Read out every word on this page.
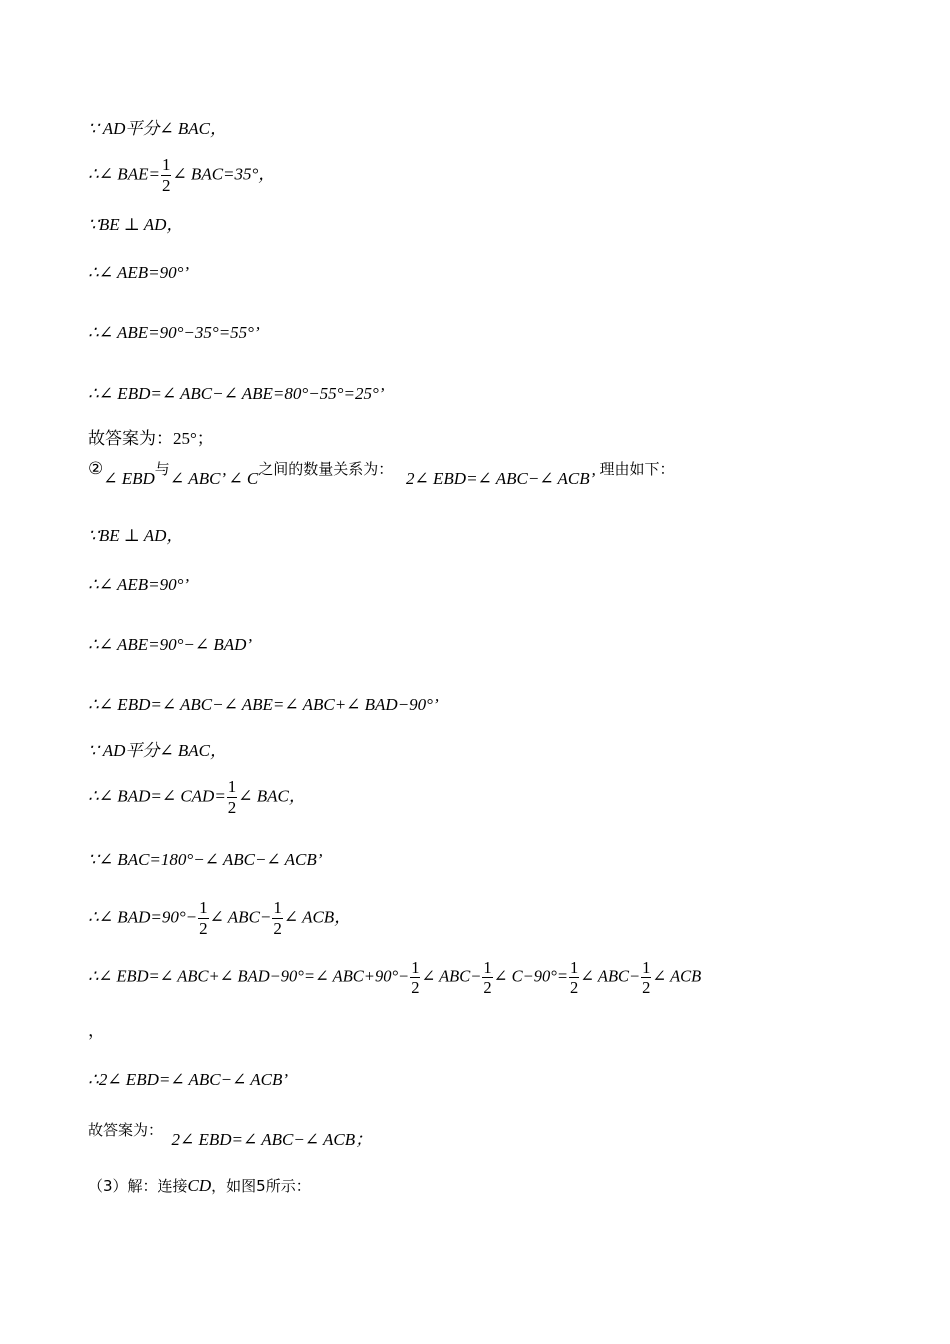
∵ AD平分∠ BAC，
∴∠ $BAE= \frac{1}{2}$ ∠ BAC=35°，
∵BE ⊥ AD，
∴∠ AEB=90°’
∴∠ ABE=90°−35°=55°’
∴∠ EBD=∠ ABC−∠ ABE=80°−55°=25°’
故答案为：25°；
②∠ EBD与∠ ABC’ ∠ C之间的数量关系为： 2∠ EBD=∠ ABC−∠ ACB’ 理由如下：
∵BE ⊥ AD，
∴∠ AEB=90°’
∴∠ ABE=90°−∠ BAD’
∴∠ EBD=∠ ABC−∠ ABE=∠ ABC+∠ BAD−90°’
∵ AD平分∠ BAC，
∴∠ BAD=∠ $CAD= \frac{1}{2}$ ∠ BAC，
∵∠ BAC=180°−∠ ABC−∠ ACB’
∴∠ $BAD=90^\circ- \frac{1}{2}$ ∠ $ABC- \frac{1}{2}$ ∠ ACB，
∴∠ EBD=∠ ABC+∠ BAD−90°=∠ $ABC+90^\circ- \frac{1}{2}$ ∠ $ABC- \frac{1}{2}$ ∠ $C-90^\circ= \frac{1}{2}$ ∠ $ABC- \frac{1}{2}$ ∠ ACB
，
∴2∠ EBD=∠ ABC−∠ ACB’
故答案为： 2∠ EBD=∠ ABC−∠ ACB；
（3）解：连接CD，如图5所示：
